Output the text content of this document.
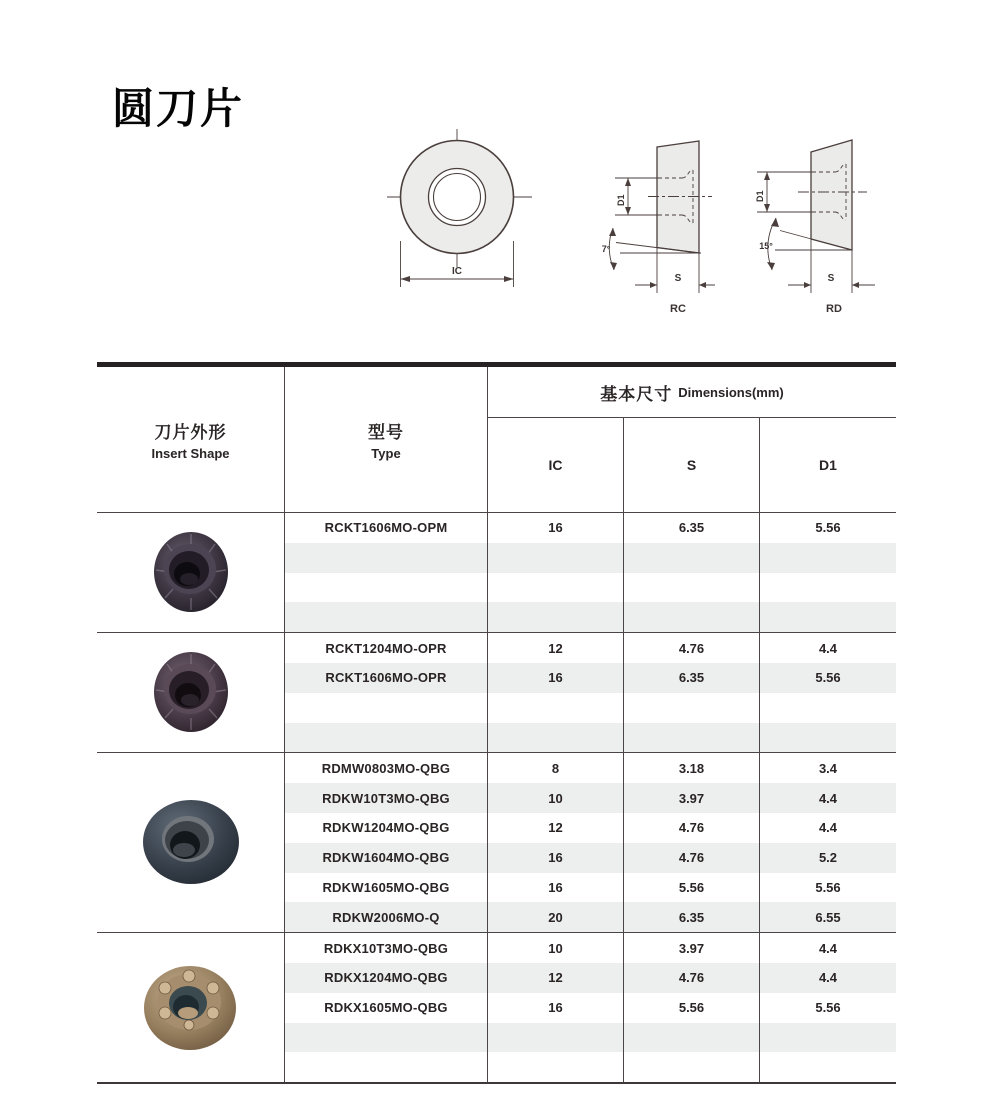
圆刀片
IC
D1
7°
S
RC
D1
15°
S
RD
刀片外形
Insert Shape
型号
Type
基本尺寸 Dimensions(mm)
IC	S	D1
RCKT1606MO-OPM	16	6.35	5.56
RCKT1204MO-OPR	12	4.76	4.4
RCKT1606MO-OPR	16	6.35	5.56
RDMW0803MO-QBG	8	3.18	3.4
RDKW10T3MO-QBG	10	3.97	4.4
RDKW1204MO-QBG	12	4.76	4.4
RDKW1604MO-QBG	16	4.76	5.2
RDKW1605MO-QBG	16	5.56	5.56
RDKW2006MO-Q	20	6.35	6.55
RDKX10T3MO-QBG	10	3.97	4.4
RDKX1204MO-QBG	12	4.76	4.4
RDKX1605MO-QBG	16	5.56	5.56
